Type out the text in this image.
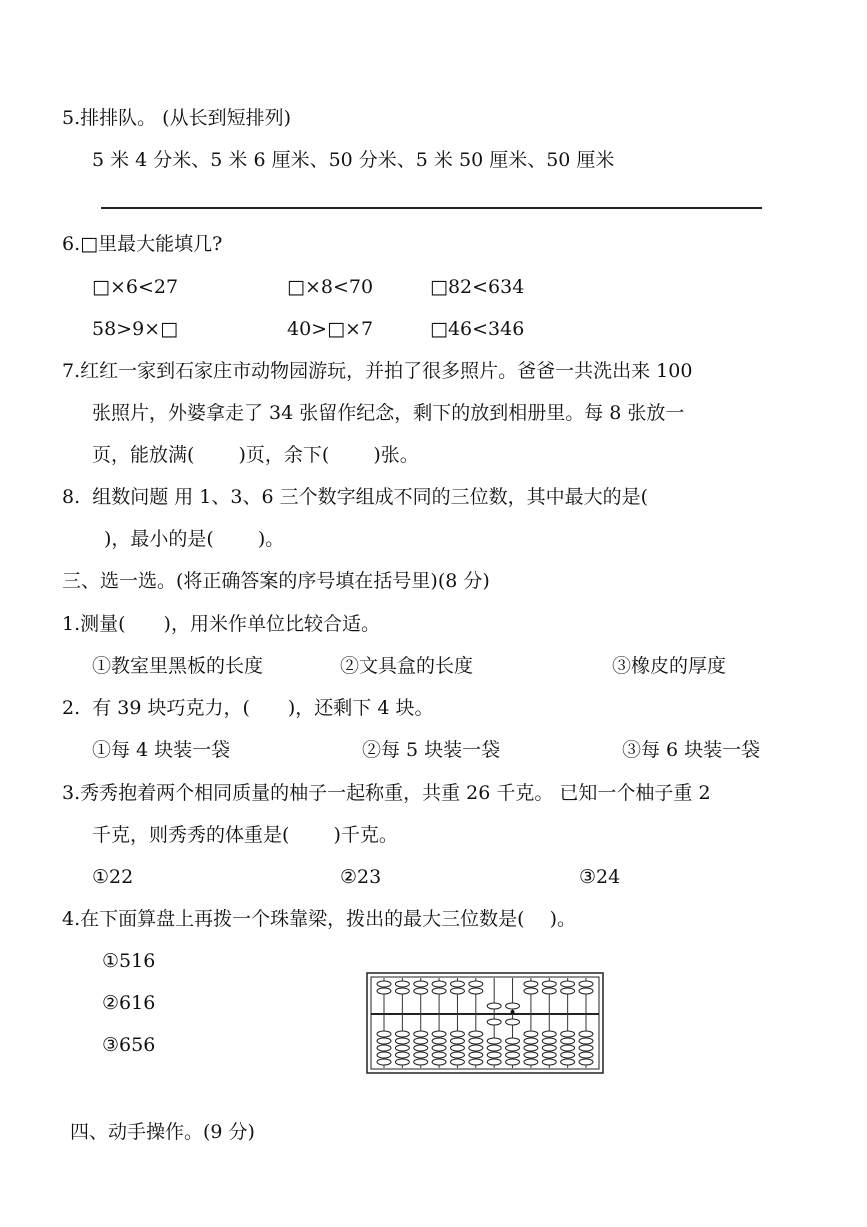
5.排排队。 (从长到短排列)
5 米 4 分米、5 米 6 厘米、50 分米、5 米 50 厘米、50 厘米
6.□里最大能填几?
□×6<27	□×8<70	□82<634
58>9×□	40>□×7	□46<346
7.红红一家到石家庄市动物园游玩，并拍了很多照片。爸爸一共洗出来 100
张照片，外婆拿走了 34 张留作纪念，剩下的放到相册里。每 8 张放一
页，能放满(　　 )页，余下(　　 )张。
8.  组数问题 用 1、3、6 三个数字组成不同的三位数，其中最大的是(
)，最小的是(　　 )。
三、选一选。(将正确答案的序号填在括号里)(8 分)
1.测量(　　)，用米作单位比较合适。
①教室里黑板的长度	②文具盒的长度	③橡皮的厚度
2.  有 39 块巧克力，(　　)，还剩下 4 块。
①每 4 块装一袋	②每 5 块装一袋	③每 6 块装一袋
3.秀秀抱着两个相同质量的柚子一起称重，共重 26 千克。 已知一个柚子重 2
千克，则秀秀的体重是(　　 )千克。
①22	②23	③24
4.在下面算盘上再拨一个珠靠梁，拨出的最大三位数是(　 )。
①516
②616
③656
四、动手操作。(9 分)
